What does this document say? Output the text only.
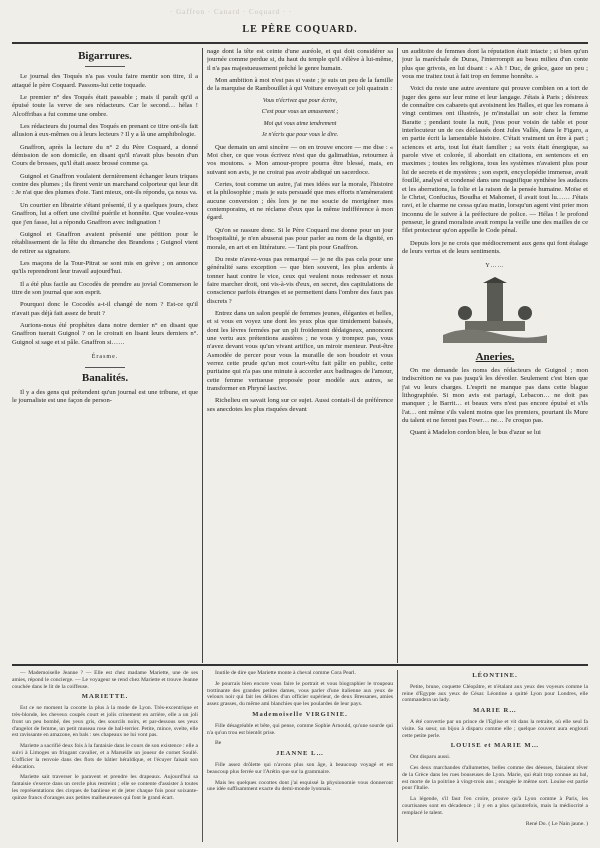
· Gaffron · Canard · Coquard · ·
LE PÈRE COQUARD.
Bigarrures.

Le journal des Toqués n'a pas voulu faire mentir son titre, il a attaqué le père Coquard. Passons-lui cette toquade.

Le premier n° des Toqués était passable ; mais il paraît qu'il a épuisé toute la verve de ses rédacteurs. Car le second… hélas ! Alcoffribas a fui comme une ombre.

Les rédacteurs du journal des Toqués en prenant ce titre ont-ils fait allusion à eux-mêmes ou à leurs lecteurs ? Il y a là une amphibologie.

Gnaffron, après la lecture du n° 2 du Père Coquard, a donné démission de son domicile, en disant qu'il n'avait plus besoin d'un Cours de brosses, qu'il était assez brossé comme ça.

Guignol et Gnaffron voulaient dernièrement échanger leurs triques contre des plumes ; ils firent venir un marchand colporteur qui leur dit : Je n'ai que des plumes d'oie. Tant mieux, ont-ils répondu, ça nous va.

Un courtier en librairie s'étant présenté, il y a quelques jours, chez Gnaffron, lui a offert une civilité puérile et honnête. Que voulez-vous que j'en fasse, lui a répondu Gnaffron avec indignation !

Guignol et Gnaffron avaient présenté une pétition pour le rétablissement de la fête du dimanche des Brandons ; Guignol vient de retirer sa signature.

Les maçons de la Tour-Pitrat se sont mis en grève ; on annonce qu'ils reprendront leur travail aujourd'hui.

Il a été plus facile au Cocodès de prendre au jovial Commerson le titre de son journal que son esprit.

Pourquoi donc le Cocodès a-t-il changé de nom ? Est-ce qu'il n'avait pas déjà fait assez de bruit ?

Aurions-nous été prophètes dans notre dernier n° en disant que Gnaffron tuerait Guignol ? on le croirait en lisant leurs derniers n°. Guignol si sage et si pâle. Gnaffron si……

Érasme.
Banalités.

Il y a des gens qui prétendent qu'un journal est une tribune, et que le journaliste est une façon de person-

nage dont la tête est ceinte d'une auréole, et qui doit considérer sa journée comme perdue si, du haut du temple qu'il s'élève à lui-même, il n'a pas majestueusement prêché le genre humain.

Mon ambition à moi n'est pas si vaste ; je suis un peu de la famille de la marquise de Rambouillet à qui Voiture envoyait ce joli quatrain :

Vous n'écrivez que pour écrire,
C'est pour vous un amusement ;
Moi qui vous aime tendrement
Je n'écris que pour vous le dire.

Que demain un ami sincère — on en trouve encore — me dise : « Moi cher, ce que vous écrivez n'est que du galimathias, retournez à vos moutons. » Mon amour-propre pourra être blessé, mais, en suivant son avis, je ne croirai pas avoir abdiqué un sacerdoce.

Certes, tout comme un autre, j'ai mes idées sur la morale, l'histoire et la philosophie ; mais je suis persuadé que mes efforts n'amèneraient aucune conversion ; dès lors je ne me soucie de morigéner mes contemporains, et ne réclame d'eux que la même indifférence à mon égard.

Qu'on se rassure donc. Si le Père Coquard me donne pour un jour l'hospitalité, je n'en abuserai pas pour parler au nom de la dignité, en morale, en art et en littérature. — Tant pis pour Gnaffron.

Du reste n'avez-vous pas remarqué — je ne dis pas cela pour une généralité sans exception — que bien souvent, les plus ardents à tonner haut contre le vice, ceux qui veulent nous redresser et nous faire marcher droit, ont vis-à-vis d'eux, en secret, des capitulations de conscience parfois étranges et se permettent dans l'ombre des faux pas discrets ?

Entrez dans un salon peuplé de femmes jeunes, élégantes et belles, et si vous en voyez une dont les yeux plus que timidement baissés, dont les lèvres fermées par un pli froidement dédaigneux, annoncent une vertu aux prétentions austères ; ne vous y trompez pas, vous n'avez devant vous qu'un vivant artifice, un miroir menteur. Peut-être Asmodée de percer pour vous la muraille de son boudoir et vous verrez cette prude qu'un mot court-vêtu fait pâlir en public, cette puritaine qui n'a pas une minute à accorder aux badinages de l'amour, cette femme vertueuse proposée pour modèle aux autres, se transformer en Phryné lascive.

Richelieu en savait long sur ce sujet. Aussi contait-il de préférence ses anecdotes les plus risquées devant

un auditoire de femmes dont la réputation était intacte ; si bien qu'un jour la maréchale de Duras, l'interrompit au beau milieu d'un conte plus que grivois, en lui disant : « Ah ! Duc, de grâce, gaze un peu ; vous me traitez tout à fait trop en femme honnête. »

Voici du reste une autre aventure qui prouve combien on a tort de juger des gens sur leur mine et leur langage. J'étais à Paris ; désireux de connaître ces cabarets qui avoisinent les Halles, et que les romans à vingt centimes ont illustrés, je m'installai un soir chez la femme Baratte ; pendant toute la nuit, j'eus pour voisin de table et pour interlocuteur un de ces déclassés dont Jules Vallès, dans le Figaro, a en partie écrit la lamentable histoire. C'était vraiment un être à part ; sciences et arts, tout lui était familier ; sa voix était énergique, sa parole vive et colorée, il abordait en citations, en sentences et en maximes ; toutes les religions, tous les systèmes n'avaient plus pour lui de secrets et de mystères ; son esprit, encyclopédie immense, avait fouillé, analysé et condensé dans une magnifique synthèse les audaces et les aberrations, la folie et la raison de la pensée humaine. Moïse et le Christ, Confucius, Boudha et Mahomet, il avait tout lu…… J'étais ravi, et le charme ne cessa qu'au matin, lorsqu'un agent vint prier mon inconnu de le suivre à la préfecture de police. — Hélas ! le profond penseur, le grand moraliste avait rompu la veille une des mailles de ce filet protecteur qu'on appelle le Code pénal.

Depuis lors je ne crois que médiocrement aux gens qui font étalage de leurs vertus et de leurs sentiments.

Y……
Aneries.

On me demande les noms des rédacteurs de Guignol ; mon indiscrétion ne va pas jusqu'à les dévoiler. Seulement c'est bien que j'ai vu leurs charges. L'esprit ne manque pas dans cette blague lithographiée. Si mon avis est partagé, Lebacon… ne doit pas manquer ; le Barrit… et beaux vers n'est pas encore épuisé et s'ils l'at… ont même s'ils valent moins que les premiers, pourtant ils Mure du talent et ne feront pas Fowr… ne… l'e croquo pas.

Quant à Madelon cordon bleu, le bus d'azur se lui

— Mademoiselle Jeanne ? — Elle est chez madame Mariette, une de ses amies, répond le concierge. — Le voyageur se rend chez Mariette et trouve Jeanne couchée dans le lit de la coiffeuse.

MARIETTE.

Est ce ne moment la cocotte la plus à la mode de Lyon. Très-excentrique et très-blonde, les cheveux coupés court et jolis crinement en arrière, elle a un joli front un peu bombé, des yeux gris, des sourcils noirs, et par-dessous ses yeux d'angelot de femme, un petit museau rose de ball-terrier. Petite, mince, svelte, elle est ravissante en amazone, en bals : ses chapeaux ne lui vont pas.

Mariette a sacrifié deux fois à la fantaisie dans le cours de son existence : elle a suivi à Limoges un fringant cavalier, et a Marseille un joueur de cornet Soullé. L'officier la renvoie dans des flots de bâtier héraldique, et l'écuyer faisait son éducation.

Mariette sait traverser le paravent et prendre les drapeaux. Aujourd'hui sa fantaisie s'exerce dans un cercle plus restreint ; elle se contente d'assister à toutes les représentations des cirques de banlieue et de jeter chaque fois pour soixante-quinze francs d'oranges aux petites malheureuses qui font le grand écart.

Inutile de dire que Mariette monte à cheval comme Cora Pearl.

Je pourrais bien encore vous faire le portrait et vous biographier le troupeau trottinante des grandes petites dames, vous parler d'une italienne aux yeux de velours noir qui fait les délices d'un officier supérieur, de deux Bressanes, amies assez grasses, du même ami blanchies que les poulardes de leur pays.

Mademoiselle VIRGINIE.

Fille désagréable et bête, qui pense, comme Sophie Arnould, qu'une sourde qui n'a qu'un trou est bientôt prise.

Be

JEANNE L…

Fille assez drôlette qui n'avons plus son âge, à beaucoup voyagé et est beaucoup plus ferrée sur l'Arétin que sur la grammaire.

Mais les quelques cocottes dont j'ai esquissé la physionomie vous donneront une idée suffisamment exacte du demi-monde lyonnais.

LÉONTINE.

Petite, brune, coquette Cléopâtre, et n'étalant aux yeux des voyeurs comme la reine d'Egypte aux yeux de César. Léontine a quitté Lyon pour Londres, elle commandera un lady.

MARIE R…

A été convertie par un prince de l'Eglise et vit dans la retraite, où elle seul fa visite. Sa sœur, un bijou à disparu comme elle ; quelque couvent aura englouti cette petite perle.

LOUISE et MARIE M…

Ont disparu aussi.

Ces deux marchandes d'allumettes, belles comme des déesses, faisaient rêver de la Grèce dans les rues bouseuses de Lyon. Marie, qui était trop connue au bal, est morte de la poitrine à vingt-trois ans ; enragée le même sort. Louise est partie pour l'Italie.

La légende, s'il faut l'en croire, prouve qu'à Lyon comme à Paris, les courtisanes sont en décadence ; il y en a plus qu'autrefois, mais la médiocrité a remplacé le talent.

René Do. ( Le Nain jaune. )
